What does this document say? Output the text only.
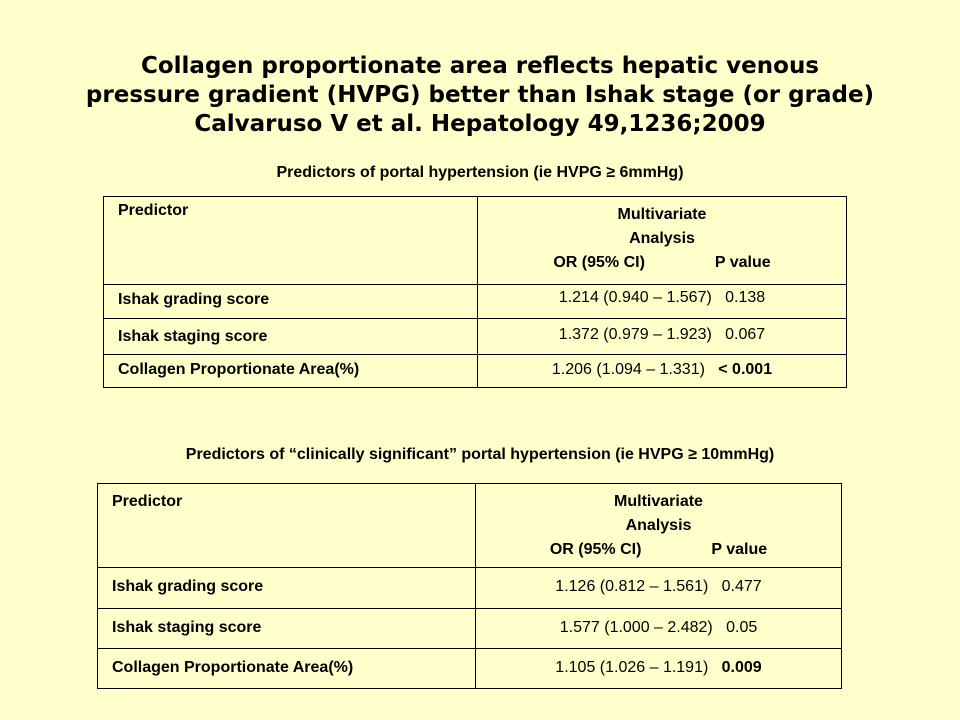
Collagen proportionate area reflects hepatic venous
pressure gradient (HVPG) better than Ishak stage (or grade)
Calvaruso V et al. Hepatology 49,1236;2009
Predictors of portal hypertension (ie HVPG ≥ 6mmHg)
Predictor	Multivariate
Analysis
OR (95% CI) P value

Ishak grading score	1.214 (0.940 – 1.567) 0.138
Ishak staging score	1.372 (0.979 – 1.923) 0.067
Collagen Proportionate Area(%)	1.206 (1.094 – 1.331) < 0.001
Predictors of “clinically significant” portal hypertension (ie HVPG ≥ 10mmHg)
Predictor	Multivariate
Analysis
OR (95% CI) P value

Ishak grading score	1.126 (0.812 – 1.561) 0.477
Ishak staging score	1.577 (1.000 – 2.482) 0.05
Collagen Proportionate Area(%)	1.105 (1.026 – 1.191) 0.009
